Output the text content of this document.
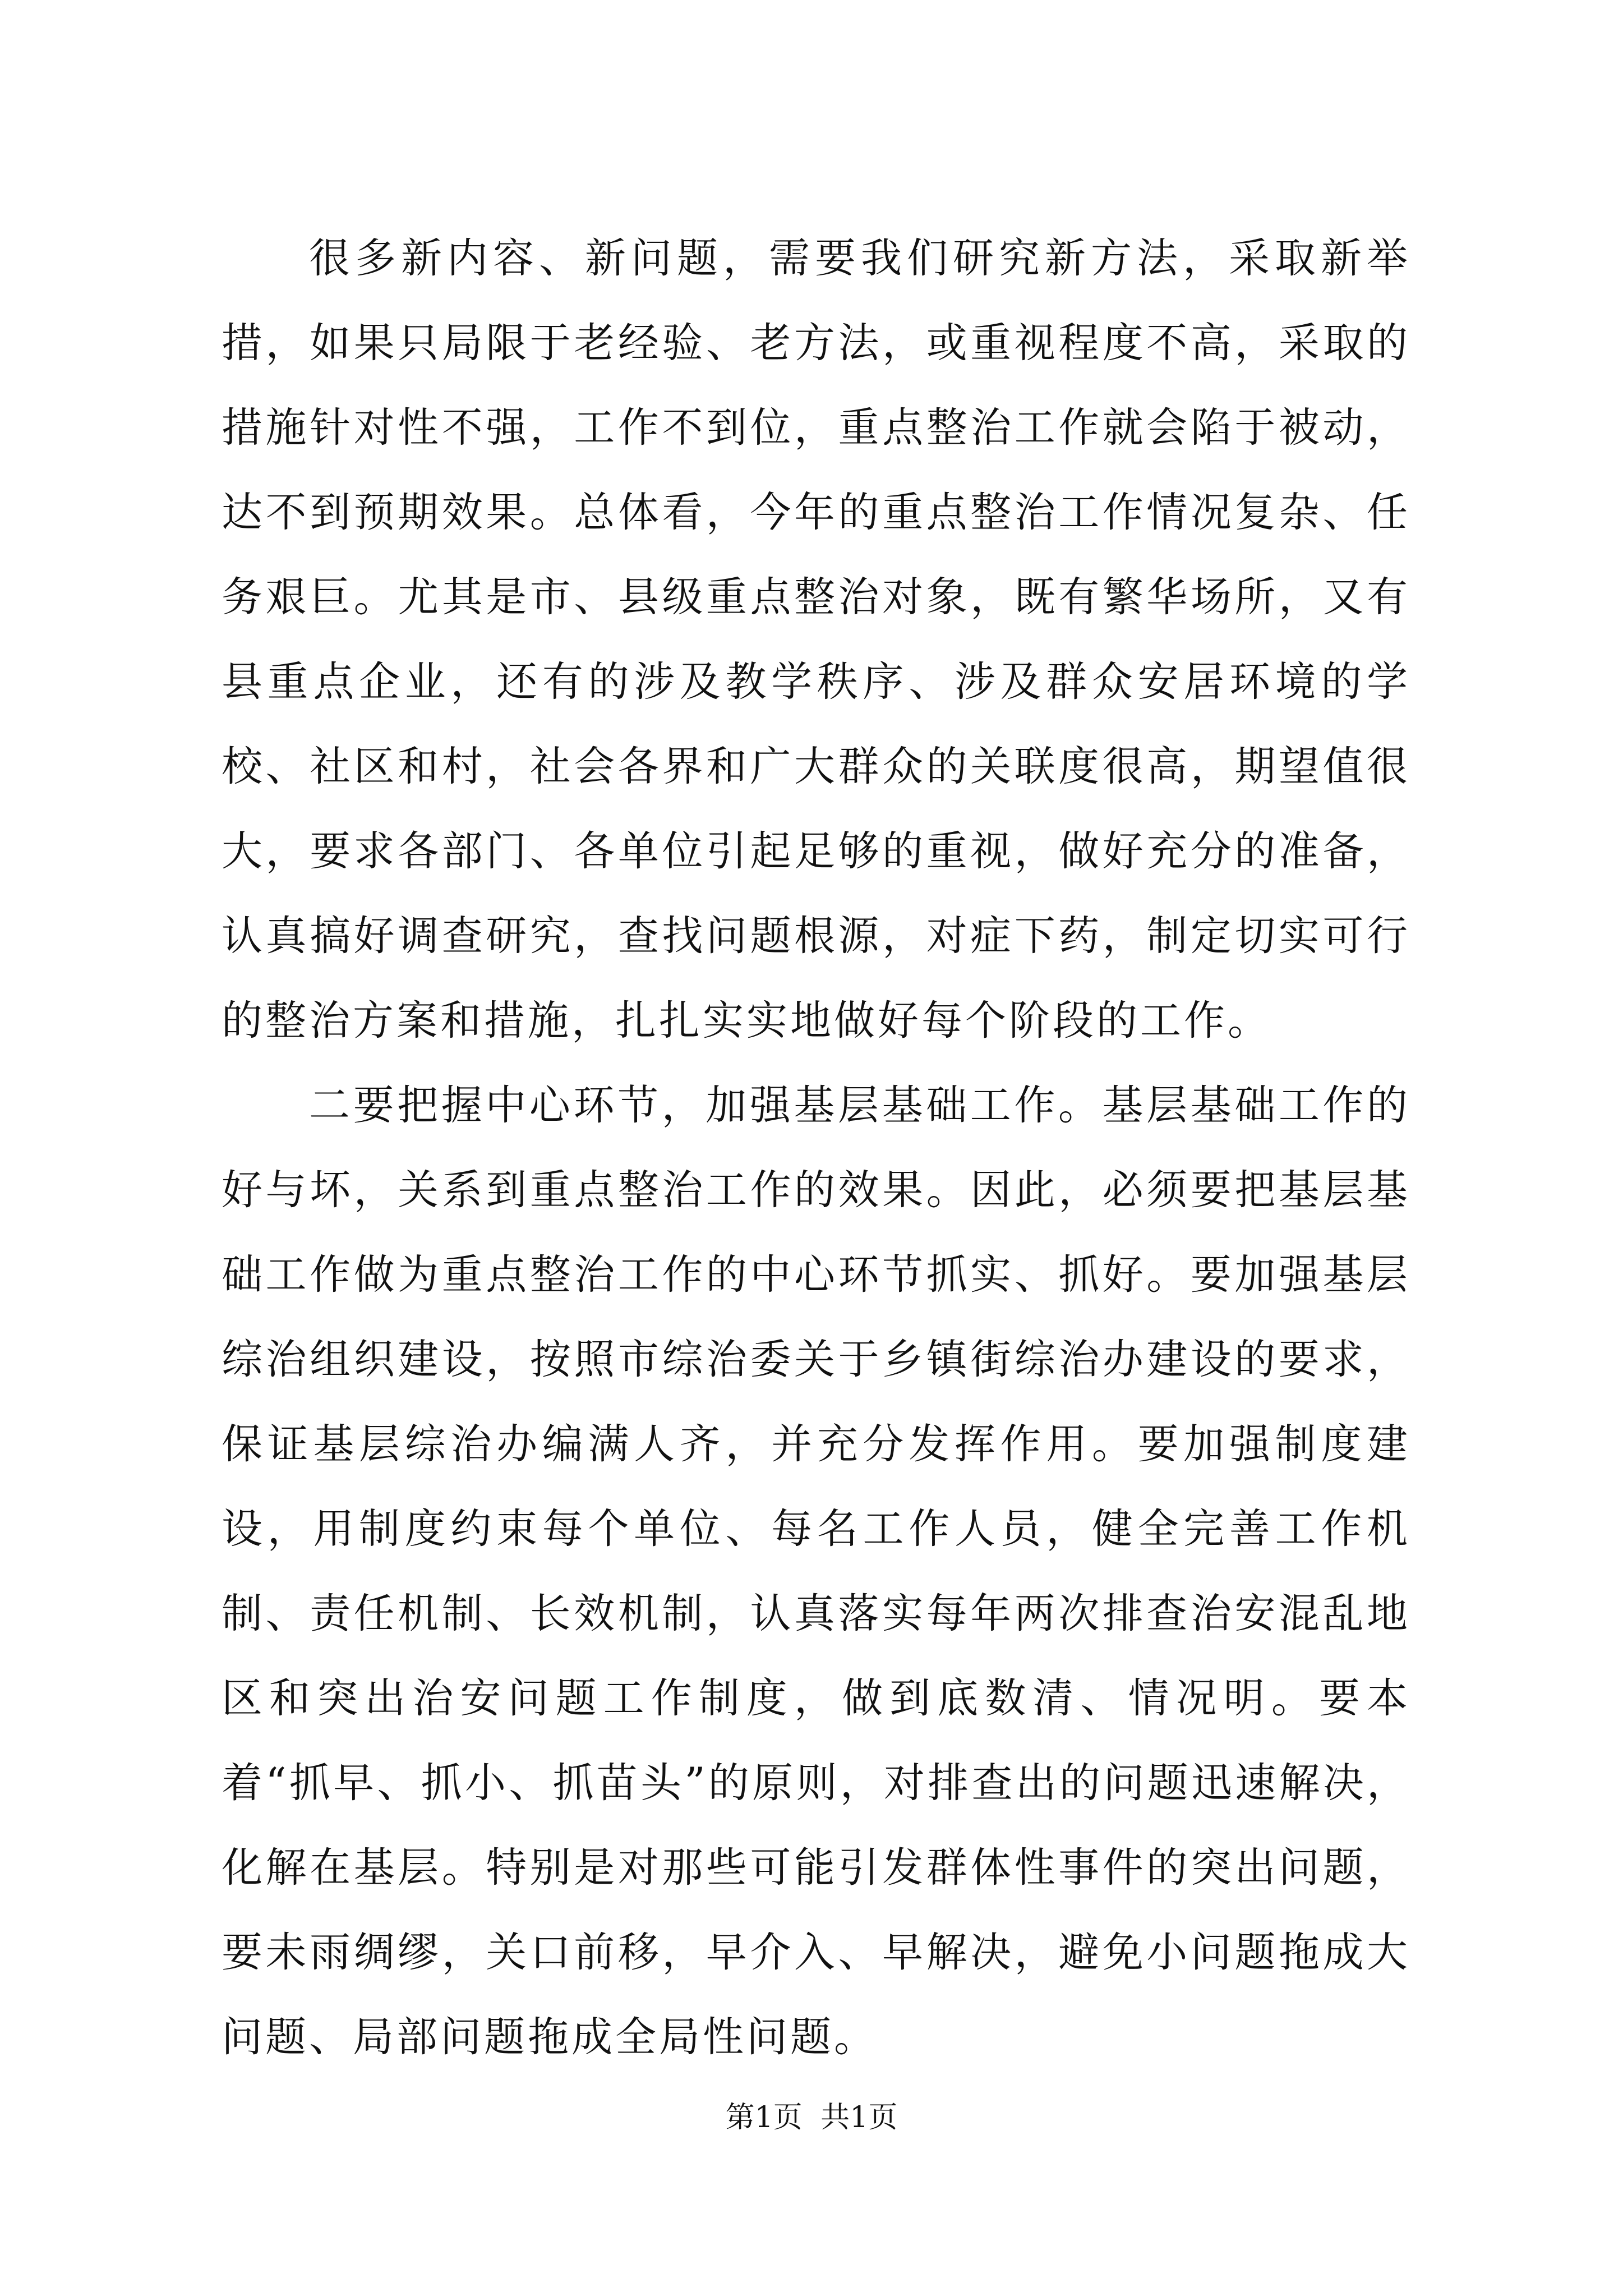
很多新内容、新问题，需要我们研究新方法，采取新举措，如果只局限于老经验、老方法，或重视程度不高，采取的措施针对性不强，工作不到位，重点整治工作就会陷于被动，达不到预期效果。总体看，今年的重点整治工作情况复杂、任务艰巨。尤其是市、县级重点整治对象，既有繁华场所，又有县重点企业，还有的涉及教学秩序、涉及群众安居环境的学校、社区和村，社会各界和广大群众的关联度很高，期望值很大，要求各部门、各单位引起足够的重视，做好充分的准备，认真搞好调查研究，查找问题根源，对症下药，制定切实可行的整治方案和措施，扎扎实实地做好每个阶段的工作。

二要把握中心环节，加强基层基础工作。基层基础工作的好与坏，关系到重点整治工作的效果。因此，必须要把基层基础工作做为重点整治工作的中心环节抓实、抓好。要加强基层综治组织建设，按照市综治委关于乡镇街综治办建设的要求，保证基层综治办编满人齐，并充分发挥作用。要加强制度建设，用制度约束每个单位、每名工作人员，健全完善工作机制、责任机制、长效机制，认真落实每年两次排查治安混乱地区和突出治安问题工作制度，做到底数清、情况明。要本着“抓早、抓小、抓苗头”的原则，对排查出的问题迅速解决，化解在基层。特别是对那些可能引发群体性事件的突出问题，要未雨绸缪，关口前移，早介入、早解决，避免小问题拖成大问题、局部问题拖成全局性问题。

第1页 共1页
